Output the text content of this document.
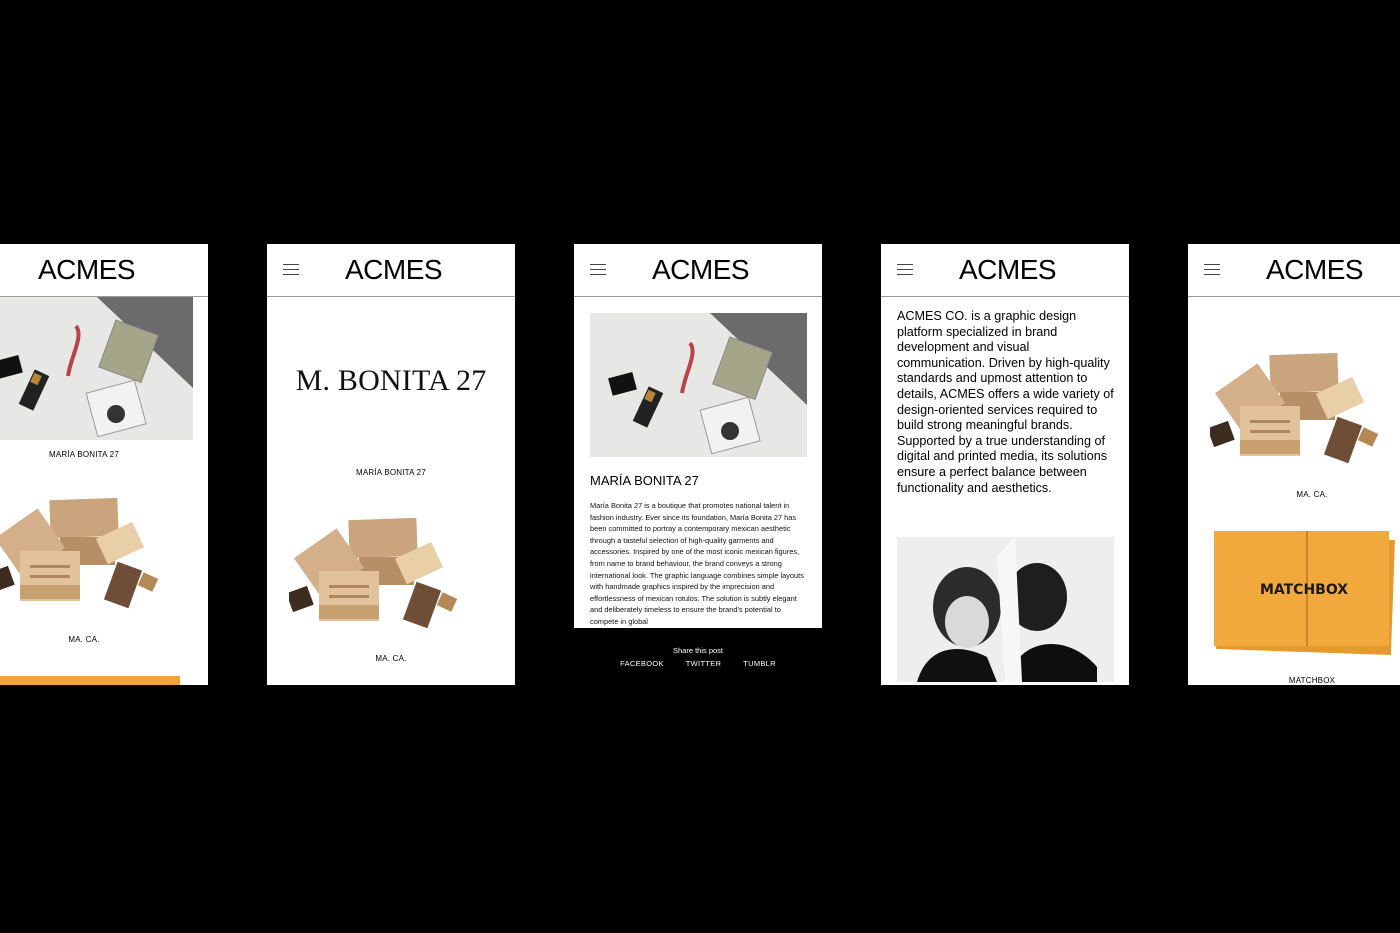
ACMES
MARÍA BONITA 27
MA. CA.
ACMES
M. BONITA 27
MARÍA BONITA 27
MA. CA.
ACMES
MARÍA BONITA 27
María Bonita 27 is a boutique that promotes national talent in fashion industry. Ever since its foundation, María Bonita 27 has been committed to portray a contemporary mexican aesthetic through a tasteful selection of high-quality garments and accessories. Inspired by one of the most iconic mexican figures, from name to brand behaviour, the brand conveys a strong international look. The graphic language combines simple layouts with handmade graphics inspired by the imprecision and effortlessness of mexican rotulos. The solution is subtly elegant and deliberately timeless to ensure the brand's potential to compete in global
Share this post
FACEBOOK	TWITTER	TUMBLR
ACMES
ACMES CO. is a graphic design platform specialized in brand development and visual communication. Driven by high-quality standards and upmost attention to details, ACMES offers a wide variety of design-oriented services required to build strong meaningful brands. Supported by a true understanding of digital and printed media, its solutions ensure a perfect balance between functionality and aesthetics.
ACMES
MA. CA.
MATCHBOX
MATCHBOX
